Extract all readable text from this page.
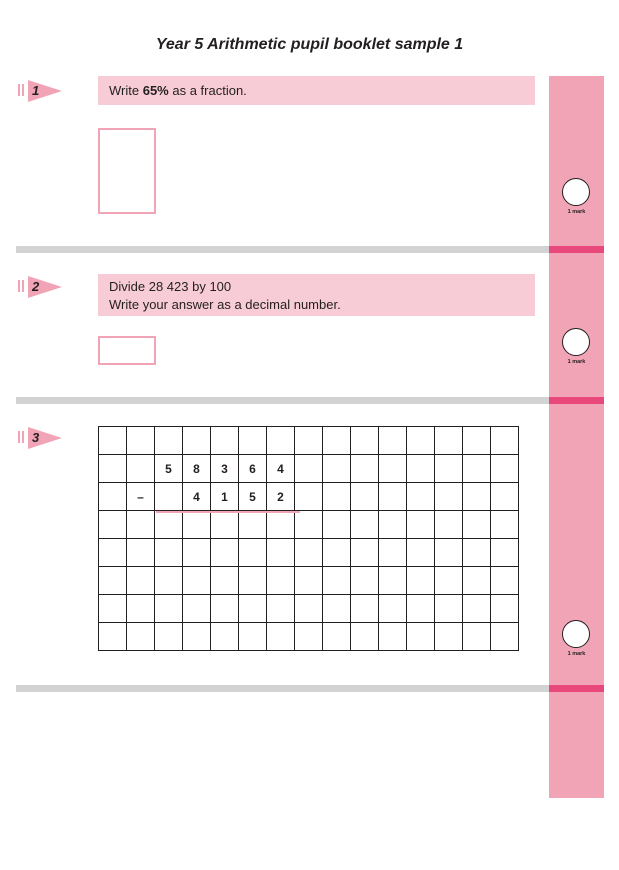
Year 5 Arithmetic pupil booklet sample 1
1	Write 65% as a fraction.
1 mark
2	Divide 28 423 by 100
Write your answer as a decimal number.
1 mark
3

		5	8	3	6	4								
	–		4	1	5	2								

1 mark
